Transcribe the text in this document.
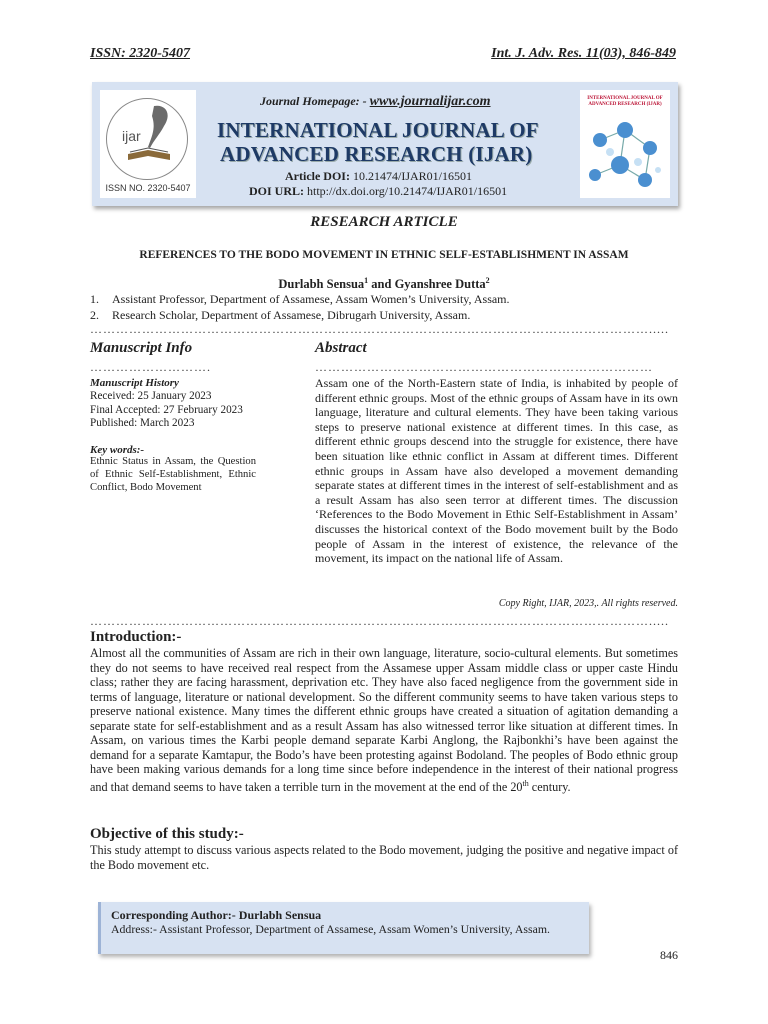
ISSN: 2320-5407	Int. J. Adv. Res. 11(03), 846-849
ijar
ISSN NO. 2320-5407
Journal Homepage: - www.journalijar.com
INTERNATIONAL JOURNAL OF
ADVANCED RESEARCH (IJAR)
Article DOI: 10.21474/IJAR01/16501
DOI URL: http://dx.doi.org/10.21474/IJAR01/16501
INTERNATIONAL JOURNAL OF
ADVANCED RESEARCH (IJAR)
RESEARCH ARTICLE
REFERENCES TO THE BODO MOVEMENT IN ETHNIC SELF-ESTABLISHMENT IN ASSAM
Durlabh Sensua$^1$ and Gyanshree Dutta$^2$
1. Assistant Professor, Department of Assamese, Assam Women’s University, Assam.
2. Research Scholar, Department of Assamese, Dibrugarh University, Assam.
………………………………………………………………………………………………………………….....
Manuscript Info
……………………….
Manuscript History
Received: 25 January 2023
Final Accepted: 27 February 2023
Published: March 2023
Key words:-
Ethnic Status in Assam, the Question of Ethnic Self-Establishment, Ethnic Conflict, Bodo Movement
Abstract
……………………………………………………………………
Assam one of the North-Eastern state of India, is inhabited by people of different ethnic groups. Most of the ethnic groups of Assam have in its own language, literature and cultural elements. They have been taking various steps to preserve national existence at different times. In this case, as different ethnic groups descend into the struggle for existence, there have been situation like ethnic conflict in Assam at different times. Different ethnic groups in Assam have also developed a movement demanding separate states at different times in the interest of self-establishment and as a result Assam has also seen terror at different times. The discussion ‘References to the Bodo Movement in Ethic Self-Establishment in Assam’ discusses the historical context of the Bodo movement built by the Bodo people of Assam in the interest of existence, the relevance of the movement, its impact on the national life of Assam.
Copy Right, IJAR, 2023,. All rights reserved.
………………………………………………………………………………………………………………….....
Introduction:-
Almost all the communities of Assam are rich in their own language, literature, socio-cultural elements. But sometimes they do not seems to have received real respect from the Assamese upper Assam middle class or upper caste Hindu class; rather they are facing harassment, deprivation etc. They have also faced negligence from the government side in terms of language, literature or national development. So the different community seems to have taken various steps to preserve national existence. Many times the different ethnic groups have created a situation of agitation demanding a separate state for self-establishment and as a result Assam has also witnessed terror like situation at different times. In Assam, on various times the Karbi people demand separate Karbi Anglong, the Rajbonkhi’s have been against the demand for a separate Kamtapur, the Bodo’s have been protesting against Bodoland. The peoples of Bodo ethnic group have been making various demands for a long time since before independence in the interest of their national progress and that demand seems to have taken a terrible turn in the movement at the end of the 20th century.
Objective of this study:-
This study attempt to discuss various aspects related to the Bodo movement, judging the positive and negative impact of the Bodo movement etc.
Corresponding Author:- Durlabh Sensua
Address:- Assistant Professor, Department of Assamese, Assam Women’s University, Assam.
846
